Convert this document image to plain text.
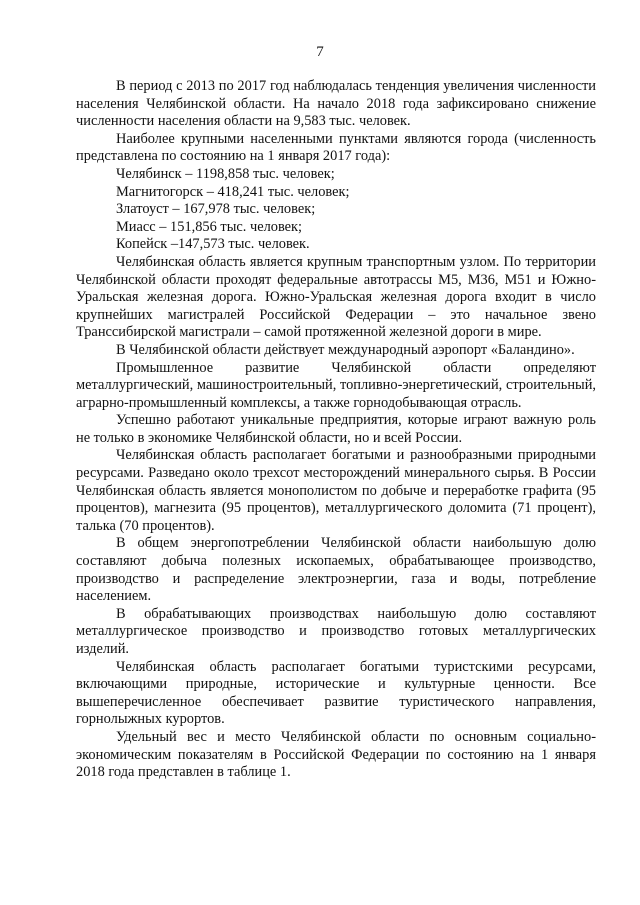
7

В период с 2013 по 2017 год наблюдалась тенденция увеличения численности населения Челябинской области. На начало 2018 года зафиксировано снижение численности населения области на 9,583 тыс. человек.

Наиболее крупными населенными пунктами являются города (численность представлена по состоянию на 1 января 2017 года):

Челябинск – 1198,858 тыс. человек;

Магнитогорск – 418,241 тыс. человек;

Златоуст – 167,978 тыс. человек;

Миасс – 151,856 тыс. человек;

Копейск –147,573 тыс. человек.

Челябинская область является крупным транспортным узлом. По территории Челябинской области проходят федеральные автотрассы М5, М36, М51 и Южно-Уральская железная дорога. Южно-Уральская железная дорога входит в число крупнейших магистралей Российской Федерации – это начальное звено Транссибирской магистрали – самой протяженной железной дороги в мире.

В Челябинской области действует международный аэропорт «Баландино».

Промышленное развитие Челябинской области определяют металлургический, машиностроительный, топливно-энергетический, строительный, аграрно-промышленный комплексы, а также горнодобывающая отрасль.

Успешно работают уникальные предприятия, которые играют важную роль не только в экономике Челябинской области, но и всей России.

Челябинская область располагает богатыми и разнообразными природными ресурсами. Разведано около трехсот месторождений минерального сырья. В России Челябинская область является монополистом по добыче и переработке графита (95 процентов), магнезита (95 процентов), металлургического доломита (71 процент), талька (70 процентов).

В общем энергопотреблении Челябинской области наибольшую долю составляют добыча полезных ископаемых, обрабатывающее производство, производство и распределение электроэнергии, газа и воды, потребление населением.

В обрабатывающих производствах наибольшую долю составляют металлургическое производство и производство готовых металлургических изделий.

Челябинская область располагает богатыми туристскими ресурсами, включающими природные, исторические и культурные ценности. Все вышеперечисленное обеспечивает развитие туристического направления, горнолыжных курортов.

Удельный вес и место Челябинской области по основным социально-экономическим показателям в Российской Федерации по состоянию на 1 января 2018 года представлен в таблице 1.
